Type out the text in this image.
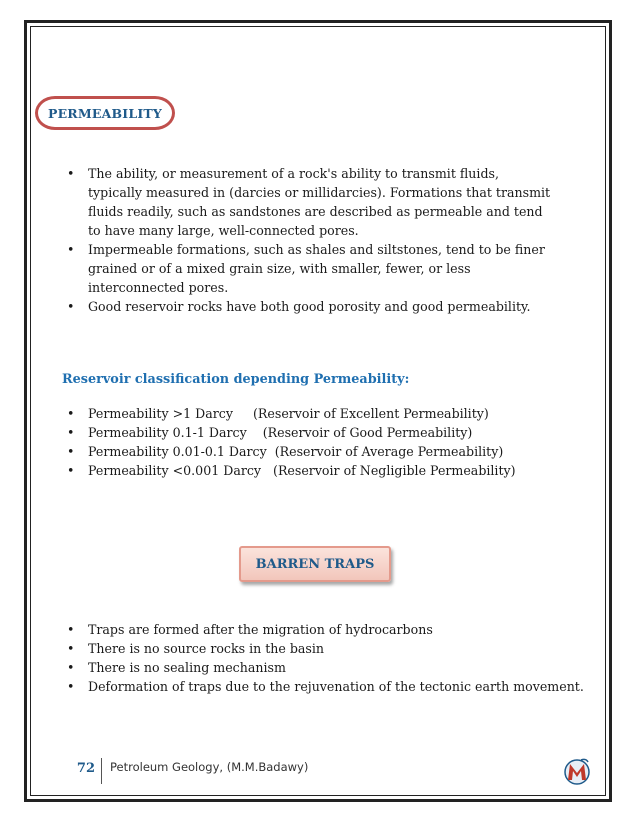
PERMEABILITY
• The ability, or measurement of a rock's ability to transmit fluids, typically measured in (darcies or millidarcies). Formations that transmit fluids readily, such as sandstones are described as permeable and tend to have many large, well-connected pores.
• Impermeable formations, such as shales and siltstones, tend to be finer grained or of a mixed grain size, with smaller, fewer, or less interconnected pores.
• Good reservoir rocks have both good porosity and good permeability.
Reservoir classification depending Permeability:
• Permeability >1 Darcy (Reservoir of Excellent Permeability)
• Permeability 0.1-1 Darcy (Reservoir of Good Permeability)
• Permeability 0.01-0.1 Darcy (Reservoir of Average Permeability)
• Permeability <0.001 Darcy (Reservoir of Negligible Permeability)
BARREN TRAPS
• Traps are formed after the migration of hydrocarbons
• There is no source rocks in the basin
• There is no sealing mechanism
• Deformation of traps due to the rejuvenation of the tectonic earth movement.
72	Petroleum Geology, (M.M.Badawy)
